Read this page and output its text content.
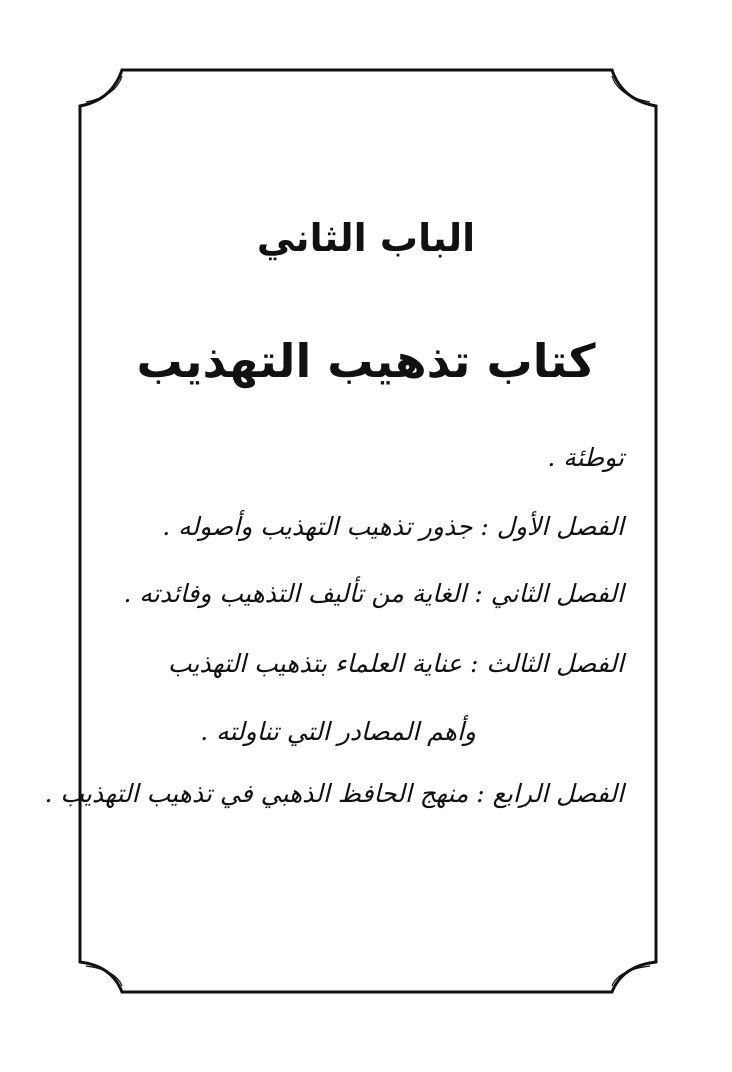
الباب الثاني
كتاب تذهيب التهذيب
توطئة .
الفصل الأول : جذور تذهيب التهذيب وأصوله .
الفصل الثاني : الغاية من تأليف التذهيب وفائدته .
الفصل الثالث : عناية العلماء بتذهيب التهذيب
وأهم المصادر التي تناولته .
الفصل الرابع : منهج الحافظ الذهبي في تذهيب التهذيب .
